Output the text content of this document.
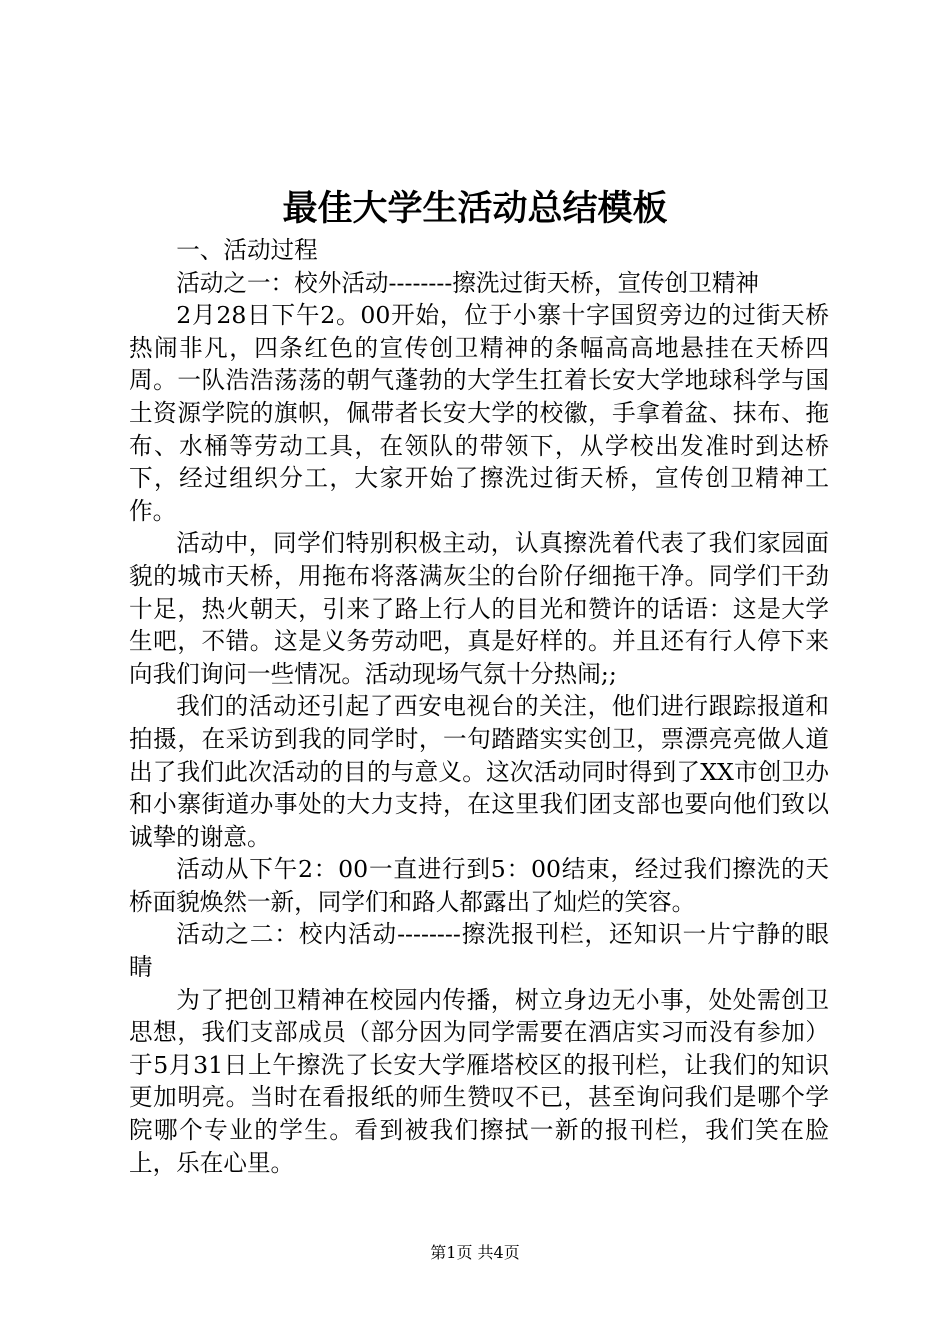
最佳大学生活动总结模板

一、活动过程

活动之一：校外活动--------擦洗过街天桥，宣传创卫精神

2月28日下午2。00开始，位于小寨十字国贸旁边的过街天桥热闹非凡，四条红色的宣传创卫精神的条幅高高地悬挂在天桥四周。一队浩浩荡荡的朝气蓬勃的大学生扛着长安大学地球科学与国土资源学院的旗帜，佩带者长安大学的校徽，手拿着盆、抹布、拖布、水桶等劳动工具，在领队的带领下，从学校出发准时到达桥下，经过组织分工，大家开始了擦洗过街天桥，宣传创卫精神工作。

活动中，同学们特别积极主动，认真擦洗着代表了我们家园面貌的城市天桥，用拖布将落满灰尘的台阶仔细拖干净。同学们干劲十足，热火朝天，引来了路上行人的目光和赞许的话语：这是大学生吧，不错。这是义务劳动吧，真是好样的。并且还有行人停下来向我们询问一些情况。活动现场气氛十分热闹;;

我们的活动还引起了西安电视台的关注，他们进行跟踪报道和拍摄，在采访到我的同学时，一句踏踏实实创卫，票漂亮亮做人道出了我们此次活动的目的与意义。这次活动同时得到了XX市创卫办和小寨街道办事处的大力支持，在这里我们团支部也要向他们致以诚挚的谢意。

活动从下午2：00一直进行到5：00结束，经过我们擦洗的天桥面貌焕然一新，同学们和路人都露出了灿烂的笑容。

活动之二：校内活动--------擦洗报刊栏，还知识一片宁静的眼睛

为了把创卫精神在校园内传播，树立身边无小事，处处需创卫思想，我们支部成员（部分因为同学需要在酒店实习而没有参加）于5月31日上午擦洗了长安大学雁塔校区的报刊栏，让我们的知识更加明亮。当时在看报纸的师生赞叹不已，甚至询问我们是哪个学院哪个专业的学生。看到被我们擦拭一新的报刊栏，我们笑在脸上，乐在心里。

第1页 共4页
